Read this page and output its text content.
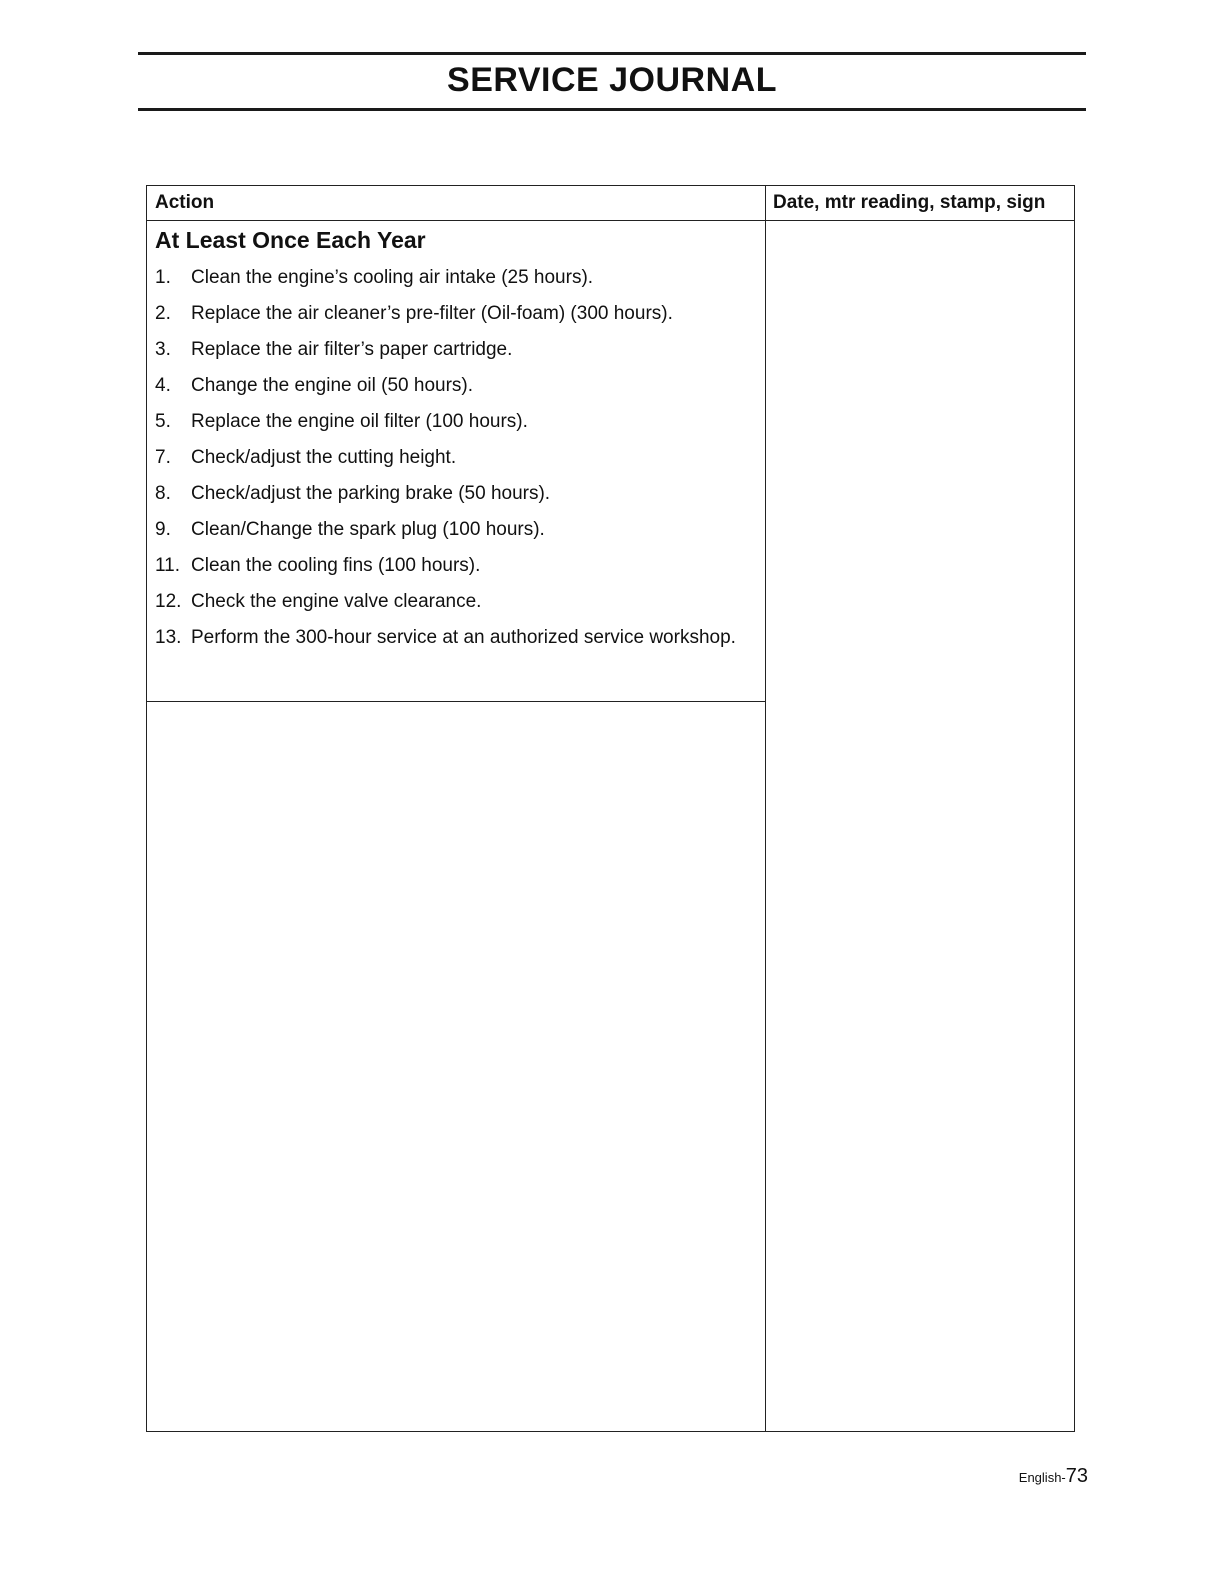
SERVICE JOURNAL
Action	Date, mtr reading, stamp, sign
At Least Once Each Year
1. Clean the engine’s cooling air intake (25 hours).
2. Replace the air cleaner’s pre-filter (Oil-foam) (300 hours).
3. Replace the air filter’s paper cartridge.
4. Change the engine oil (50 hours).
5. Replace the engine oil filter (100 hours).
7. Check/adjust the cutting height.
8. Check/adjust the parking brake (50 hours).
9. Clean/Change the spark plug (100 hours).
11. Clean the cooling fins (100 hours).
12. Check the engine valve clearance.
13. Perform the 300-hour service at an authorized service workshop.
English-73
